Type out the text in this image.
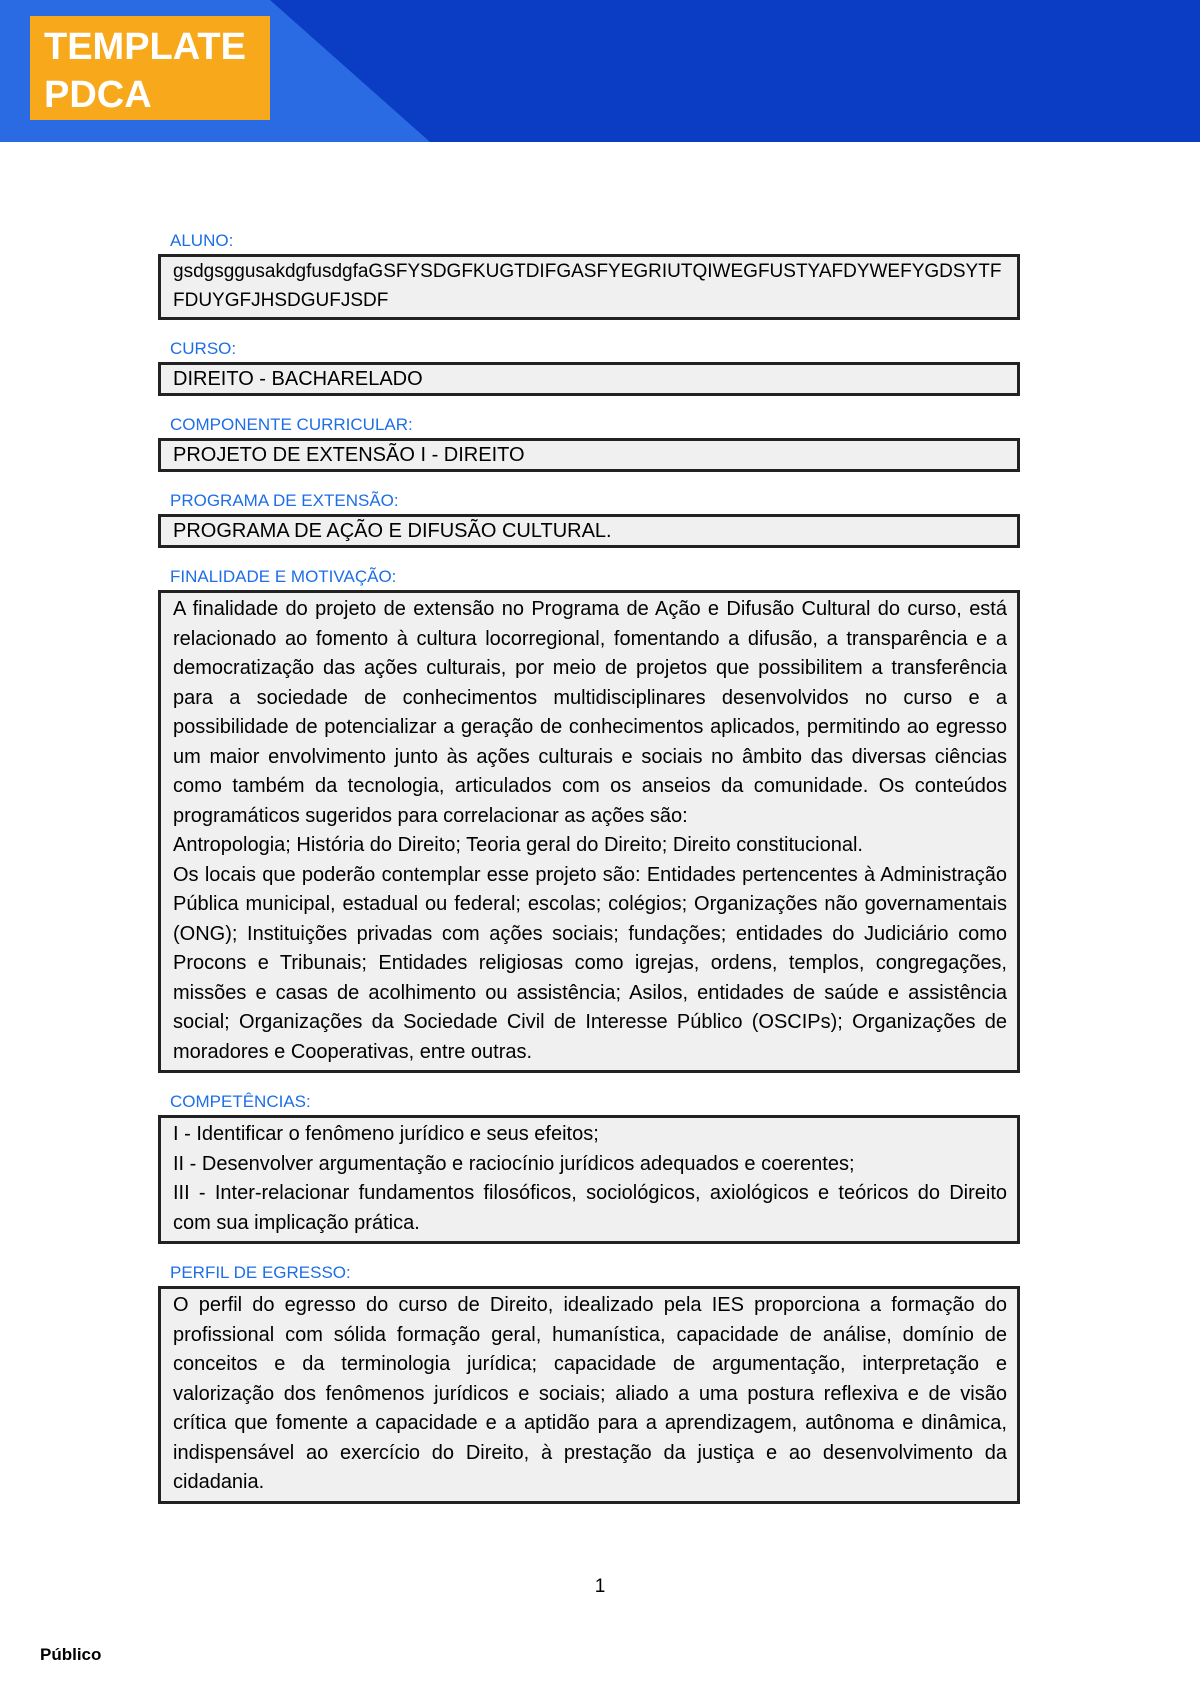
TEMPLATE
PDCA
ALUNO:
gsdgsggusakdgfusdgfaGSFYSDGFKUGTDIFGASFYEGRIUTQIWEGFUSTYAFDYWEFYGDSYTFFDUYGFJHSDGUFJSDF
CURSO:
DIREITO - BACHARELADO
COMPONENTE CURRICULAR:
PROJETO DE EXTENSÃO I - DIREITO
PROGRAMA DE EXTENSÃO:
PROGRAMA DE AÇÃO E DIFUSÃO CULTURAL.
FINALIDADE E MOTIVAÇÃO:
A finalidade do projeto de extensão no Programa de Ação e Difusão Cultural do curso, está relacionado ao fomento à cultura locorregional, fomentando a difusão, a transparência e a democratização das ações culturais, por meio de projetos que possibilitem a transferência para a sociedade de conhecimentos multidisciplinares desenvolvidos no curso e a possibilidade de potencializar a geração de conhecimentos aplicados, permitindo ao egresso um maior envolvimento junto às ações culturais e sociais no âmbito das diversas ciências como também da tecnologia, articulados com os anseios da comunidade. Os conteúdos programáticos sugeridos para correlacionar as ações são:
Antropologia; História do Direito; Teoria geral do Direito; Direito constitucional.
Os locais que poderão contemplar esse projeto são: Entidades pertencentes à Administração Pública municipal, estadual ou federal; escolas; colégios; Organizações não governamentais (ONG); Instituições privadas com ações sociais; fundações; entidades do Judiciário como Procons e Tribunais; Entidades religiosas como igrejas, ordens, templos, congregações, missões e casas de acolhimento ou assistência; Asilos, entidades de saúde e assistência social; Organizações da Sociedade Civil de Interesse Público (OSCIPs); Organizações de moradores e Cooperativas, entre outras.
COMPETÊNCIAS:
I - Identificar o fenômeno jurídico e seus efeitos;
II - Desenvolver argumentação e raciocínio jurídicos adequados e coerentes;
III - Inter-relacionar fundamentos filosóficos, sociológicos, axiológicos e teóricos do Direito com sua implicação prática.
PERFIL DE EGRESSO:
O perfil do egresso do curso de Direito, idealizado pela IES proporciona a formação do profissional com sólida formação geral, humanística, capacidade de análise, domínio de conceitos e da terminologia jurídica; capacidade de argumentação, interpretação e valorização dos fenômenos jurídicos e sociais; aliado a uma postura reflexiva e de visão crítica que fomente a capacidade e a aptidão para a aprendizagem, autônoma e dinâmica, indispensável ao exercício do Direito, à prestação da justiça e ao desenvolvimento da cidadania.
1
Público
